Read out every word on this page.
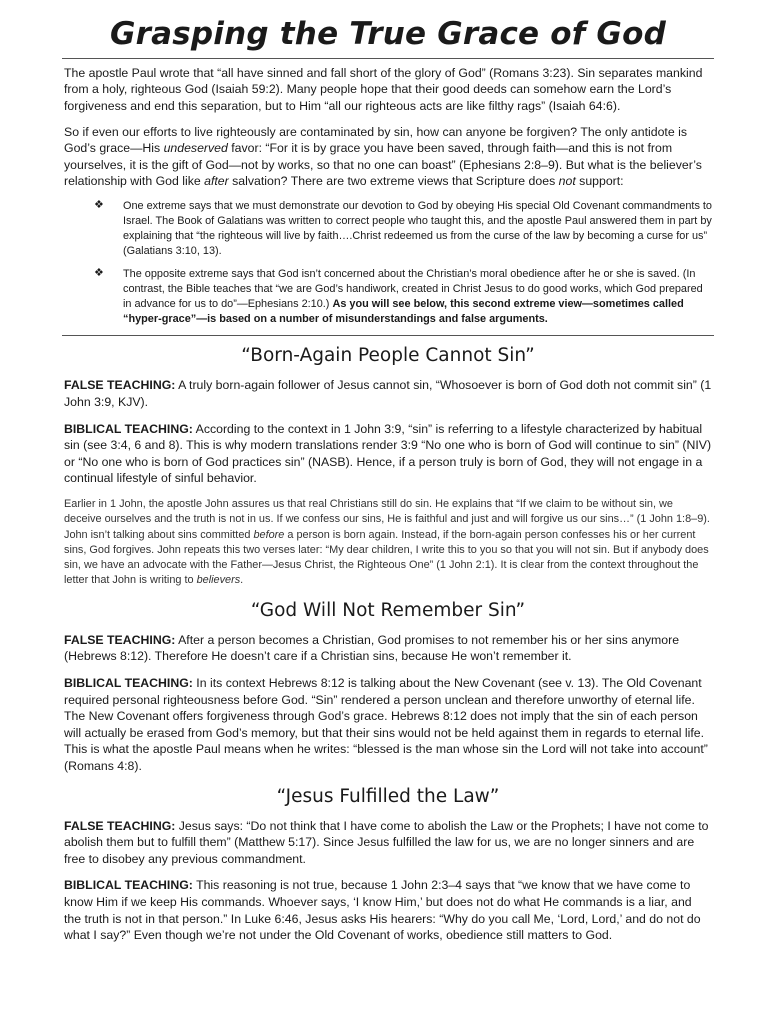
Grasping the True Grace of God

The apostle Paul wrote that “all have sinned and fall short of the glory of God” (Romans 3:23). Sin separates mankind from a holy, righteous God (Isaiah 59:2). Many people hope that their good deeds can somehow earn the Lord’s forgiveness and end this separation, but to Him “all our righteous acts are like filthy rags” (Isaiah 64:6).

So if even our efforts to live righteously are contaminated by sin, how can anyone be forgiven? The only antidote is God’s grace—His undeserved favor: “For it is by grace you have been saved, through faith—and this is not from yourselves, it is the gift of God—not by works, so that no one can boast” (Ephesians 2:8–9). But what is the believer’s relationship with God like after salvation? There are two extreme views that Scripture does not support:

❖ One extreme says that we must demonstrate our devotion to God by obeying His special Old Covenant commandments to Israel. The Book of Galatians was written to correct people who taught this, and the apostle Paul answered them in part by explaining that “the righteous will live by faith….Christ redeemed us from the curse of the law by becoming a curse for us” (Galatians 3:10, 13).
❖ The opposite extreme says that God isn’t concerned about the Christian’s moral obedience after he or she is saved. (In contrast, the Bible teaches that “we are God’s handiwork, created in Christ Jesus to do good works, which God prepared in advance for us to do”—Ephesians 2:10.) As you will see below, this second extreme view—sometimes called “hyper-grace”—is based on a number of misunderstandings and false arguments.
“Born-Again People Cannot Sin”

FALSE TEACHING: A truly born-again follower of Jesus cannot sin, “Whosoever is born of God doth not commit sin” (1 John 3:9, KJV).

BIBLICAL TEACHING: According to the context in 1 John 3:9, “sin” is referring to a lifestyle characterized by habitual sin (see 3:4, 6 and 8). This is why modern translations render 3:9 “No one who is born of God will continue to sin” (NIV) or “No one who is born of God practices sin” (NASB). Hence, if a person truly is born of God, they will not engage in a continual lifestyle of sinful behavior.

Earlier in 1 John, the apostle John assures us that real Christians still do sin. He explains that “If we claim to be without sin, we deceive ourselves and the truth is not in us. If we confess our sins, He is faithful and just and will forgive us our sins…” (1 John 1:8–9). John isn’t talking about sins committed before a person is born again. Instead, if the born-again person confesses his or her current sins, God forgives. John repeats this two verses later: “My dear children, I write this to you so that you will not sin. But if anybody does sin, we have an advocate with the Father—Jesus Christ, the Righteous One” (1 John 2:1). It is clear from the context throughout the letter that John is writing to believers.

“God Will Not Remember Sin”

FALSE TEACHING: After a person becomes a Christian, God promises to not remember his or her sins anymore (Hebrews 8:12). Therefore He doesn’t care if a Christian sins, because He won’t remember it.

BIBLICAL TEACHING: In its context Hebrews 8:12 is talking about the New Covenant (see v. 13). The Old Covenant required personal righteousness before God. “Sin” rendered a person unclean and therefore unworthy of eternal life. The New Covenant offers forgiveness through God’s grace. Hebrews 8:12 does not imply that the sin of each person will actually be erased from God’s memory, but that their sins would not be held against them in regards to eternal life. This is what the apostle Paul means when he writes: “blessed is the man whose sin the Lord will not take into account” (Romans 4:8).

“Jesus Fulfilled the Law”

FALSE TEACHING: Jesus says: “Do not think that I have come to abolish the Law or the Prophets; I have not come to abolish them but to fulfill them” (Matthew 5:17). Since Jesus fulfilled the law for us, we are no longer sinners and are free to disobey any previous commandment.

BIBLICAL TEACHING: This reasoning is not true, because 1 John 2:3–4 says that “we know that we have come to know Him if we keep His commands. Whoever says, ‘I know Him,’ but does not do what He commands is a liar, and the truth is not in that person.” In Luke 6:46, Jesus asks His hearers: “Why do you call Me, ‘Lord, Lord,’ and do not do what I say?” Even though we’re not under the Old Covenant of works, obedience still matters to God.
